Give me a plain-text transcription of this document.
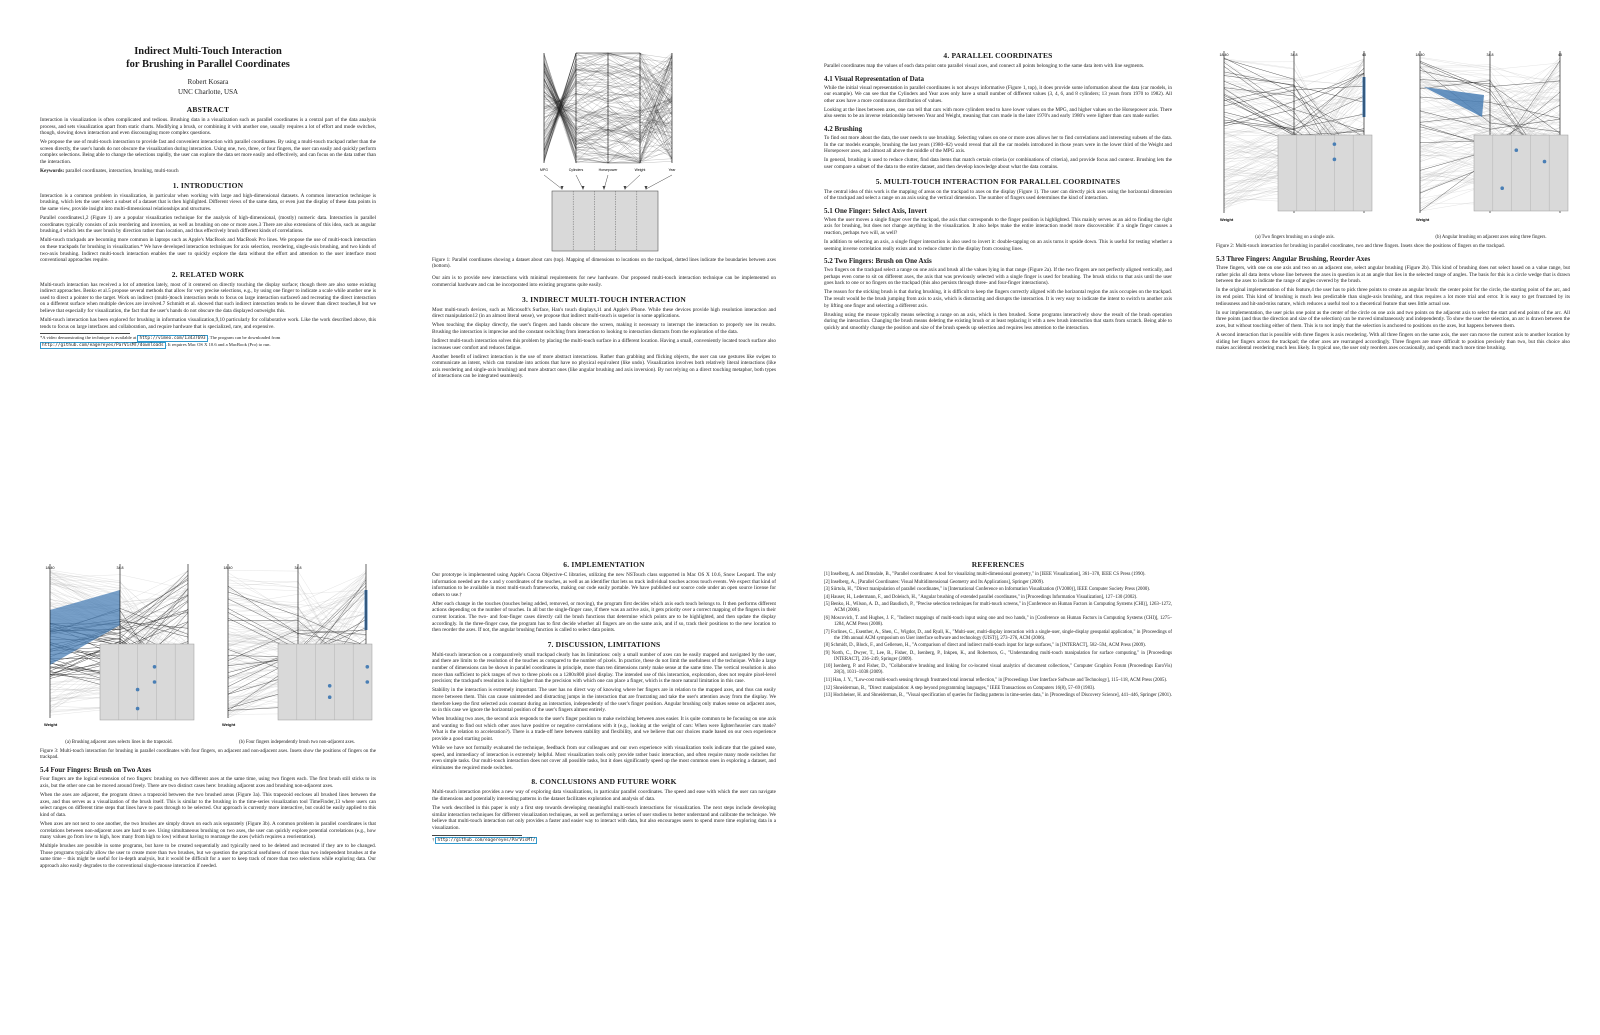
Indirect Multi-Touch Interaction
for Brushing in Parallel Coordinates
Robert Kosara
UNC Charlotte, USA
ABSTRACT

Interaction in visualization is often complicated and tedious. Brushing data in a visualization such as parallel coordinates is a central part of the data analysis process, and sets visualization apart from static charts. Modifying a brush, or combining it with another one, usually requires a lot of effort and mode switches, though, slowing down interaction and even discouraging more complex questions.

We propose the use of multi-touch interaction to provide fast and convenient interaction with parallel coordinates. By using a multi-touch trackpad rather than the screen directly, the user's hands do not obscure the visualization during interaction. Using one, two, three, or four fingers, the user can easily and quickly perform complex selections. Being able to change the selections rapidly, the user can explore the data set more easily and effectively, and can focus on the data rather than the interaction.

Keywords: parallel coordinates, interaction, brushing, multi-touch
1. INTRODUCTION

Interaction is a common problem in visualization, in particular when working with large and high-dimensional datasets. A common interaction technique is brushing, which lets the user select a subset of a dataset that is then highlighted. Different views of the same data, or even just the display of these data points in the same view, provide insight into multi-dimensional relationships and structures.

Parallel coordinates1,2 (Figure 1) are a popular visualization technique for the analysis of high-dimensional, (mostly) numeric data. Interaction in parallel coordinates typically consists of axis reordering and inversion, as well as brushing on one or more axes.3 There are also extensions of this idea, such as angular brushing,4 which lets the user brush by direction rather than location, and thus effectively brush different kinds of correlations.

Multi-touch trackpads are becoming more common in laptops such as Apple's MacBook and MacBook Pro lines. We propose the use of multi-touch interaction on these trackpads for brushing in visualization.* We have developed interaction techniques for axis selection, reordering, single-axis brushing, and two kinds of two-axis brushing. Indirect multi-touch interaction enables the user to quickly explore the data without the effort and attention to the user interface most conventional approaches require.

2. RELATED WORK

Multi-touch interaction has received a lot of attention lately, most of it centered on directly touching the display surface; though there are also some existing indirect approaches. Benko et al.5 propose several methods that allow for very precise selections, e.g., by using one finger to indicate a scale while another one is used to direct a pointer to the target. Work on indirect (multi-)touch interaction tends to focus on large interaction surfaces6 and recreating the direct interaction on a different surface when multiple devices are involved.7 Schmidt et al. showed that such indirect interaction tends to be slower than direct touches,8 but we believe that especially for visualization, the fact that the user's hands do not obscure the data displayed outweighs this.

Multi-touch interaction has been explored for brushing in information visualization,9,10 particularly for collaborative work. Like the work described above, this tends to focus on large interfaces and collaboration, and require hardware that is specialized, rare, and expensive.

*A video demonstrating the technique is available at http://vimeo.com/13437693 . The program can be downloaded from http://github.com/eagereyes/ParVisMT/downloads . It requires Mac OS X 10.6 and a MacBook (Pro) to run.
MPG	Cylinders	Horsepower	Weight	Year
Figure 1: Parallel coordinates showing a dataset about cars (top). Mapping of dimensions to locations on the trackpad, dotted lines indicate the boundaries between axes (bottom).

Our aim is to provide new interactions with minimal requirements for new hardware. Our proposed multi-touch interaction technique can be implemented on commercial hardware and can be incorporated into existing programs quite easily.

3. INDIRECT MULTI-TOUCH INTERACTION

Most multi-touch devices, such as Microsoft's Surface, Han's touch displays,11 and Apple's iPhone. While these devices provide high resolution interaction and direct manipulation12 (in an almost literal sense), we propose that indirect multi-touch is superior in some applications.

When touching the display directly, the user's fingers and hands obscure the screen, making it necessary to interrupt the interaction to properly see its results. Brushing the interaction is imprecise and the constant switching from interaction to looking to interaction distracts from the exploration of the data.

Indirect multi-touch interaction solves this problem by placing the multi-touch surface in a different location. Having a small, conveniently located touch surface also increases user comfort and reduces fatigue.

Another benefit of indirect interaction is the use of more abstract interactions. Rather than grabbing and flicking objects, the user can use gestures like swipes to communicate an intent, which can translate into actions that have no physical equivalent (like undo). Visualization involves both relatively literal interactions (like axis reordering and single-axis brushing) and more abstract ones (like angular brushing and axis inversion). By not relying on a direct touching metaphor, both types of interactions can be integrated seamlessly.

4. PARALLEL COORDINATES

Parallel coordinates map the values of each data point onto parallel visual axes, and connect all points belonging to the same data item with line segments.

4.1 Visual Representation of Data

While the initial visual representation in parallel coordinates is not always informative (Figure 1, top), it does provide some information about the data (car models, in our example). We can see that the Cylinders and Year axes only have a small number of different values (3, 4, 6, and 8 cylinders; 13 years from 1970 to 1982). All other axes have a more continuous distribution of values.

Looking at the lines between axes, one can tell that cars with more cylinders tend to have lower values on the MPG, and higher values on the Horsepower axis. There also seems to be an inverse relationship between Year and Weight, meaning that cars made in the later 1970's and early 1980's were lighter than cars made earlier.

4.2 Brushing

To find out more about the data, the user needs to use brushing. Selecting values on one or more axes allows her to find correlations and interesting subsets of the data. In the car models example, brushing the last years (1980–82) would reveal that all the car models introduced in those years were in the lower third of the Weight and Horsepower axes, and almost all above the middle of the MPG axis.

In general, brushing is used to reduce clutter, find data items that match certain criteria (or combinations of criteria), and provide focus and context. Brushing lets the user compare a subset of the data to the entire dataset, and then develop knowledge about what the data contains.

5. MULTI-TOUCH INTERACTION FOR PARALLEL COORDINATES

The central idea of this work is the mapping of areas on the trackpad to axes on the display (Figure 1). The user can directly pick axes using the horizontal dimension of the trackpad and select a range on an axis using the vertical dimension. The number of fingers used determines the kind of interaction.

5.1 One Finger: Select Axis, Invert

When the user moves a single finger over the trackpad, the axis that corresponds to the finger position is highlighted. This mainly serves as an aid to finding the right axis for brushing, but does not change anything in the visualization. It also helps make the entire interaction model more discoverable: if a single finger causes a reaction, perhaps two will, as well?

In addition to selecting an axis, a single finger interaction is also used to invert it: double-tapping on an axis turns it upside down. This is useful for testing whether a seeming inverse correlation really exists and to reduce clutter in the display from crossing lines.

5.2 Two Fingers: Brush on One Axis

Two fingers on the trackpad select a range on one axis and brush all the values lying in that range (Figure 2a). If the two fingers are not perfectly aligned vertically, and perhaps even come to sit on different axes, the axis that was previously selected with a single finger is used for brushing. The brush sticks to that axis until the user goes back to one or no fingers on the trackpad (this also persists through three- and four-finger interactions).

The reason for the sticking brush is that during brushing, it is difficult to keep the fingers correctly aligned with the horizontal region the axis occupies on the trackpad. The result would be the brush jumping from axis to axis, which is distracting and disrupts the interaction. It is very easy to indicate the intent to switch to another axis by lifting one finger and selecting a different axis.

Brushing using the mouse typically means selecting a range on an axis, which is then brushed. Some programs interactively show the result of the brush operation during the interaction. Changing the brush means deleting the existing brush or at least replacing it with a new brush interaction that starts from scratch. Being able to quickly and smoothly change the position and size of the brush speeds up selection and requires less attention to the interaction.

18.40	34.8	45
Weight
(a) Two fingers brushing on a single axis.
18.40	34.8	45
Weight
(b) Angular brushing on adjacent axes using three fingers.
Figure 2: Multi-touch interaction for brushing in parallel coordinates, two and three fingers. Insets show the positions of fingers on the trackpad.
5.3 Three Fingers: Angular Brushing, Reorder Axes

Three fingers, with one on one axis and two on an adjacent one, select angular brushing (Figure 2b). This kind of brushing does not select based on a value range, but rather picks all data items whose line between the axes in question is at an angle that lies in the selected range of angles. The basis for this is a circle wedge that is drawn between the axes to indicate the range of angles covered by the brush.

In the original implementation of this feature,4 the user has to pick three points to create an angular brush: the center point for the circle, the starting point of the arc, and its end point. This kind of brushing is much less predictable than single-axis brushing, and thus requires a lot more trial and error. It is easy to get frustrated by its tediousness and hit-and-miss nature, which reduces a useful tool to a theoretical feature that sees little actual use.

In our implementation, the user picks one point as the center of the circle on one axis and two points on the adjacent axis to select the start and end points of the arc. All three points (and thus the direction and size of the selection) can be moved simultaneously and independently. To show the user the selection, an arc is drawn between the axes, but without touching either of them. This is to not imply that the selection is anchored to positions on the axes, but happens between them.

A second interaction that is possible with three fingers is axis reordering. With all three fingers on the same axis, the user can move the current axis to another location by sliding her fingers across the trackpad; the other axes are rearranged accordingly. Three fingers are more difficult to position precisely than two, but this choice also makes accidental reordering much less likely. In typical use, the user only reorders axes occasionally, and spends much more time brushing.

18.40	34.8
Weight
(a) Brushing adjacent axes selects lines in the trapezoid.
18.40	34.8
Weight
(b) Four fingers independently brush two non-adjacent axes.
Figure 3: Multi-touch interaction for brushing in parallel coordinates with four fingers, on adjacent and non-adjacent axes. Insets show the positions of fingers on the trackpad.
5.4 Four Fingers: Brush on Two Axes

Four fingers are the logical extension of two fingers: brushing on two different axes at the same time, using two fingers each. The first brush still sticks to its axis, but the other one can be moved around freely. There are two distinct cases here: brushing adjacent axes and brushing non-adjacent axes.

When the axes are adjacent, the program draws a trapezoid between the two brushed areas (Figure 3a). This trapezoid encloses all brushed lines between the axes, and thus serves as a visualization of the brush itself. This is similar to the brushing in the time-series visualization tool TimeFinder,13 where users can select ranges on different time steps that lines have to pass through to be selected. Our approach is currently more interactive, but could be easily applied to this kind of data.

When axes are not next to one another, the two brushes are simply drawn on each axis separately (Figure 3b). A common problem in parallel coordinates is that correlations between non-adjacent axes are hard to see. Using simultaneous brushing on two axes, the user can quickly explore potential correlations (e.g., how many values go from low to high, how many from high to low) without having to rearrange the axes (which requires a reorientation).

Multiple brushes are possible in some programs, but have to be created sequentially and typically need to be deleted and recreated if they are to be changed. Those programs typically allow the user to create more than two brushes, but we question the practical usefulness of more than two independent brushes at the same time – this might be useful for in-depth analysis, but it would be difficult for a user to keep track of more than two selections while exploring data. Our approach also easily degrades to the conventional single-mouse interaction if needed.

6. IMPLEMENTATION

Our prototype is implemented using Apple's Cocoa Objective-C libraries, utilizing the new NSTouch class supported in Mac OS X 10.6, Snow Leopard. The only information needed are the x and y coordinates of the touches, as well as an identifier that lets us track individual touches across touch events. We expect that kind of information to be available in most multi-touch frameworks, making our code easily portable. We have published our source code under an open source license for others to use.†

After each change in the touches (touches being added, removed, or moving), the program first decides which axis each touch belongs to. It then performs different actions depending on the number of touches. In all but the single-finger case, if there was an active axis, it gets priority over a correct mapping of the fingers in their current location. The two- and four-finger cases directly call the brush functions that determine which points are to be highlighted, and then update the display accordingly. In the three-finger case, the program has to first decide whether all fingers are on the same axis, and if so, track their positions to the new location to then reorder the axes. If not, the angular brushing function is called to select data points.

7. DISCUSSION, LIMITATIONS

Multi-touch interaction on a comparatively small trackpad clearly has its limitations: only a small number of axes can be easily mapped and navigated by the user, and there are limits to the resolution of the touches as compared to the number of pixels. In practice, these do not limit the usefulness of the technique. While a large number of dimensions can be shown in parallel coordinates in principle, more than ten dimensions rarely make sense at the same time. The vertical resolution is also more than sufficient to pick ranges of two to three pixels on a 1280x800 pixel display. The intended use of this interaction, exploration, does not require pixel-level precision; the trackpad's resolution is also higher than the precision with which one can place a finger, which is the more natural limitation in this case.

Stability in the interaction is extremely important. The user has no direct way of knowing where her fingers are in relation to the mapped axes, and thus can easily move between them. This can cause unintended and distracting jumps in the interaction that are frustrating and take the user's attention away from the display. We therefore keep the first selected axis constant during an interaction, independently of the user's finger position. Angular brushing only makes sense on adjacent axes, so in this case we ignore the horizontal position of the user's fingers almost entirely.

When brushing two axes, the second axis responds to the user's finger position to make switching between axes easier. It is quite common to be focusing on one axis and wanting to find out which other axes have positive or negative correlations with it (e.g., looking at the weight of cars: When were lighter/heavier cars made? What is the relation to acceleration?). There is a trade-off here between stability and flexibility, and we believe that our choices made based on our own experience provide a good starting point.

While we have not formally evaluated the technique, feedback from our colleagues and our own experience with visualization tools indicate that the gained ease, speed, and immediacy of interaction is extremely helpful. Most visualization tools only provide rather basic interaction, and often require many mode switches for even simple tasks. Our multi-touch interaction does not cover all possible tasks, but it does significantly speed up the most common ones in exploring a dataset, and eliminates the required mode switches.

8. CONCLUSIONS AND FUTURE WORK

Multi-touch interaction provides a new way of exploring data visualizations, in particular parallel coordinates. The speed and ease with which the user can navigate the dimensions and potentially interesting patterns in the dataset facilitates exploration and analysis of data.

The work described in this paper is only a first step towards developing meaningful multi-touch interactions for visualization. The next steps include developing similar interaction techniques for different visualization techniques, as well as performing a series of user studies to better understand and calibrate the technique. We believe that multi-touch interaction not only provides a faster and easier way to interact with data, but also encourages users to spend more time exploring data in a visualization.

† http://github.com/eagereyes/ParVisMT/
REFERENCES

[1] Inselberg, A. and Dimsdale, B., "Parallel coordinates: A tool for visualizing multi-dimensional geometry," in [IEEE Visualization], 361–378, IEEE CS Press (1990).

[2] Inselberg, A., [Parallel Coordinates: Visual Multidimensional Geometry and Its Applications], Springer (2009).

[3] Siirtola, H., "Direct manipulation of parallel coordinates," in [International Conference on Information Visualization (IV2000)], IEEE Computer Society Press (2000).

[4] Hauser, H., Ledermann, F., and Doleisch, H., "Angular brushing of extended parallel coordinates," in [Proceedings Information Visualization], 127–130 (2002).

[5] Benko, H., Wilson, A. D., and Baudisch, P., "Precise selection techniques for multi-touch screens," in [Conference on Human Factors in Computing Systems (CHI)], 1263–1272, ACM (2006).

[6] Moscovich, T. and Hughes, J. F., "Indirect mappings of multi-touch input using one and two hands," in [Conference on Human Factors in Computing Systems (CHI)], 1275–1284, ACM Press (2008).

[7] Forlines, C., Esenther, A., Shen, C., Wigdor, D., and Ryall, K., "Multi-user, multi-display interaction with a single-user, single-display geospatial application," in [Proceedings of the 19th annual ACM symposium on User interface software and technology (UIST)], 273–276, ACM (2006).

[8] Schmidt, D., Block, F., and Gellersen, H., "A comparison of direct and indirect multi-touch input for large surfaces," in [INTERACT], 582–594, ACM Press (2009).

[9] North, C., Dwyer, T., Lee, B., Fisher, D., Isenberg, P., Inkpen, K., and Robertson, G., "Understanding multi-touch manipulation for surface computing," in [Proceedings INTERACT], 236–249, Springer (2009).

[10] Isenberg, P. and Fisher, D., "Collaborative brushing and linking for co-located visual analytics of document collections," Computer Graphics Forum (Proceedings EuroVis) 28(3), 1031–1038 (2009).

[11] Han, J. Y., "Low-cost multi-touch sensing through frustrated total internal reflection," in [Proceedings User Interface Software and Technology], 115–118, ACM Press (2005).

[12] Shneiderman, B., "Direct manipulation: A step beyond programming languages," IEEE Transactions on Computers 16(8), 57–69 (1983).

[13] Hochheiser, H. and Shneiderman, B., "Visual specification of queries for finding patterns in time-series data," in [Proceedings of Discovery Science], 441–446, Springer (2001).
